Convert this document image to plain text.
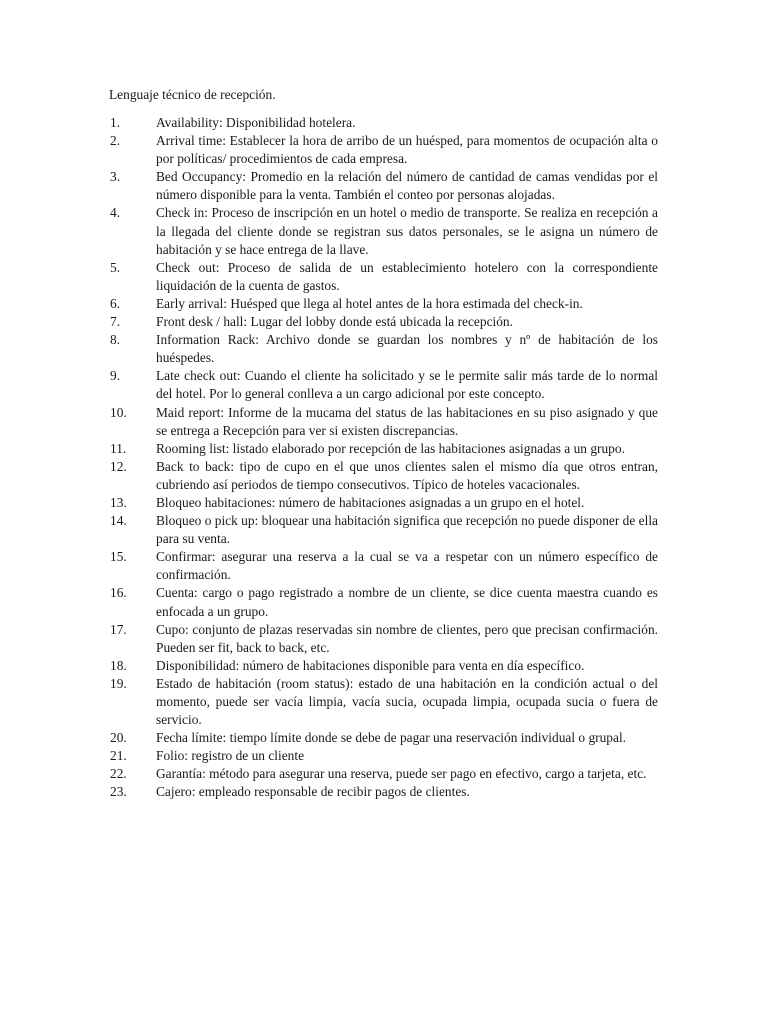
Lenguaje técnico de recepción.
1.	Availability: Disponibilidad hotelera.
2.	Arrival time: Establecer la hora de arribo de un huésped, para momentos de ocupación alta o por políticas/ procedimientos de cada empresa.
3.	Bed Occupancy: Promedio en la relación del número de cantidad de camas vendidas por el número disponible para la venta. También el conteo por personas alojadas.
4.	Check in: Proceso de inscripción en un hotel o medio de transporte. Se realiza en recepción a la llegada del cliente donde se registran sus datos personales, se le asigna un número de habitación y se hace entrega de la llave.
5.	Check out: Proceso de salida de un establecimiento hotelero con la correspondiente liquidación de la cuenta de gastos.
6.	Early arrival: Huésped que llega al hotel antes de la hora estimada del check-in.
7.	Front desk / hall: Lugar del lobby donde está ubicada la recepción.
8.	Information Rack: Archivo donde se guardan los nombres y nº de habitación de los huéspedes.
9.	Late check out: Cuando el cliente ha solicitado y se le permite salir más tarde de lo normal del hotel. Por lo general conlleva a un cargo adicional por este concepto.
10.	Maid report: Informe de la mucama del status de las habitaciones en su piso asignado y que se entrega a Recepción para ver si existen discrepancias.
11.	Rooming list: listado elaborado por recepción de las habitaciones asignadas a un grupo.
12.	Back to back: tipo de cupo en el que unos clientes salen el mismo día que otros entran, cubriendo así periodos de tiempo consecutivos. Típico de hoteles vacacionales.
13.	Bloqueo habitaciones: número de habitaciones asignadas a un grupo en el hotel.
14.	Bloqueo o pick up: bloquear una habitación significa que recepción no puede disponer de ella para su venta.
15.	Confirmar: asegurar una reserva a la cual se va a respetar con un número específico de confirmación.
16.	Cuenta: cargo o pago registrado a nombre de un cliente, se dice cuenta maestra cuando es enfocada a un grupo.
17.	Cupo: conjunto de plazas reservadas sin nombre de clientes, pero que precisan confirmación. Pueden ser fit, back to back, etc.
18.	Disponibilidad: número de habitaciones disponible para venta en día específico.
19.	Estado de habitación (room status): estado de una habitación en la condición actual o del momento, puede ser vacía limpia, vacía sucia, ocupada limpia, ocupada sucia o fuera de servicio.
20.	Fecha límite: tiempo límite donde se debe de pagar una reservación individual o grupal.
21.	Folio: registro de un cliente
22.	Garantía: método para asegurar una reserva, puede ser pago en efectivo, cargo a tarjeta, etc.
23.	Cajero: empleado responsable de recibir pagos de clientes.
